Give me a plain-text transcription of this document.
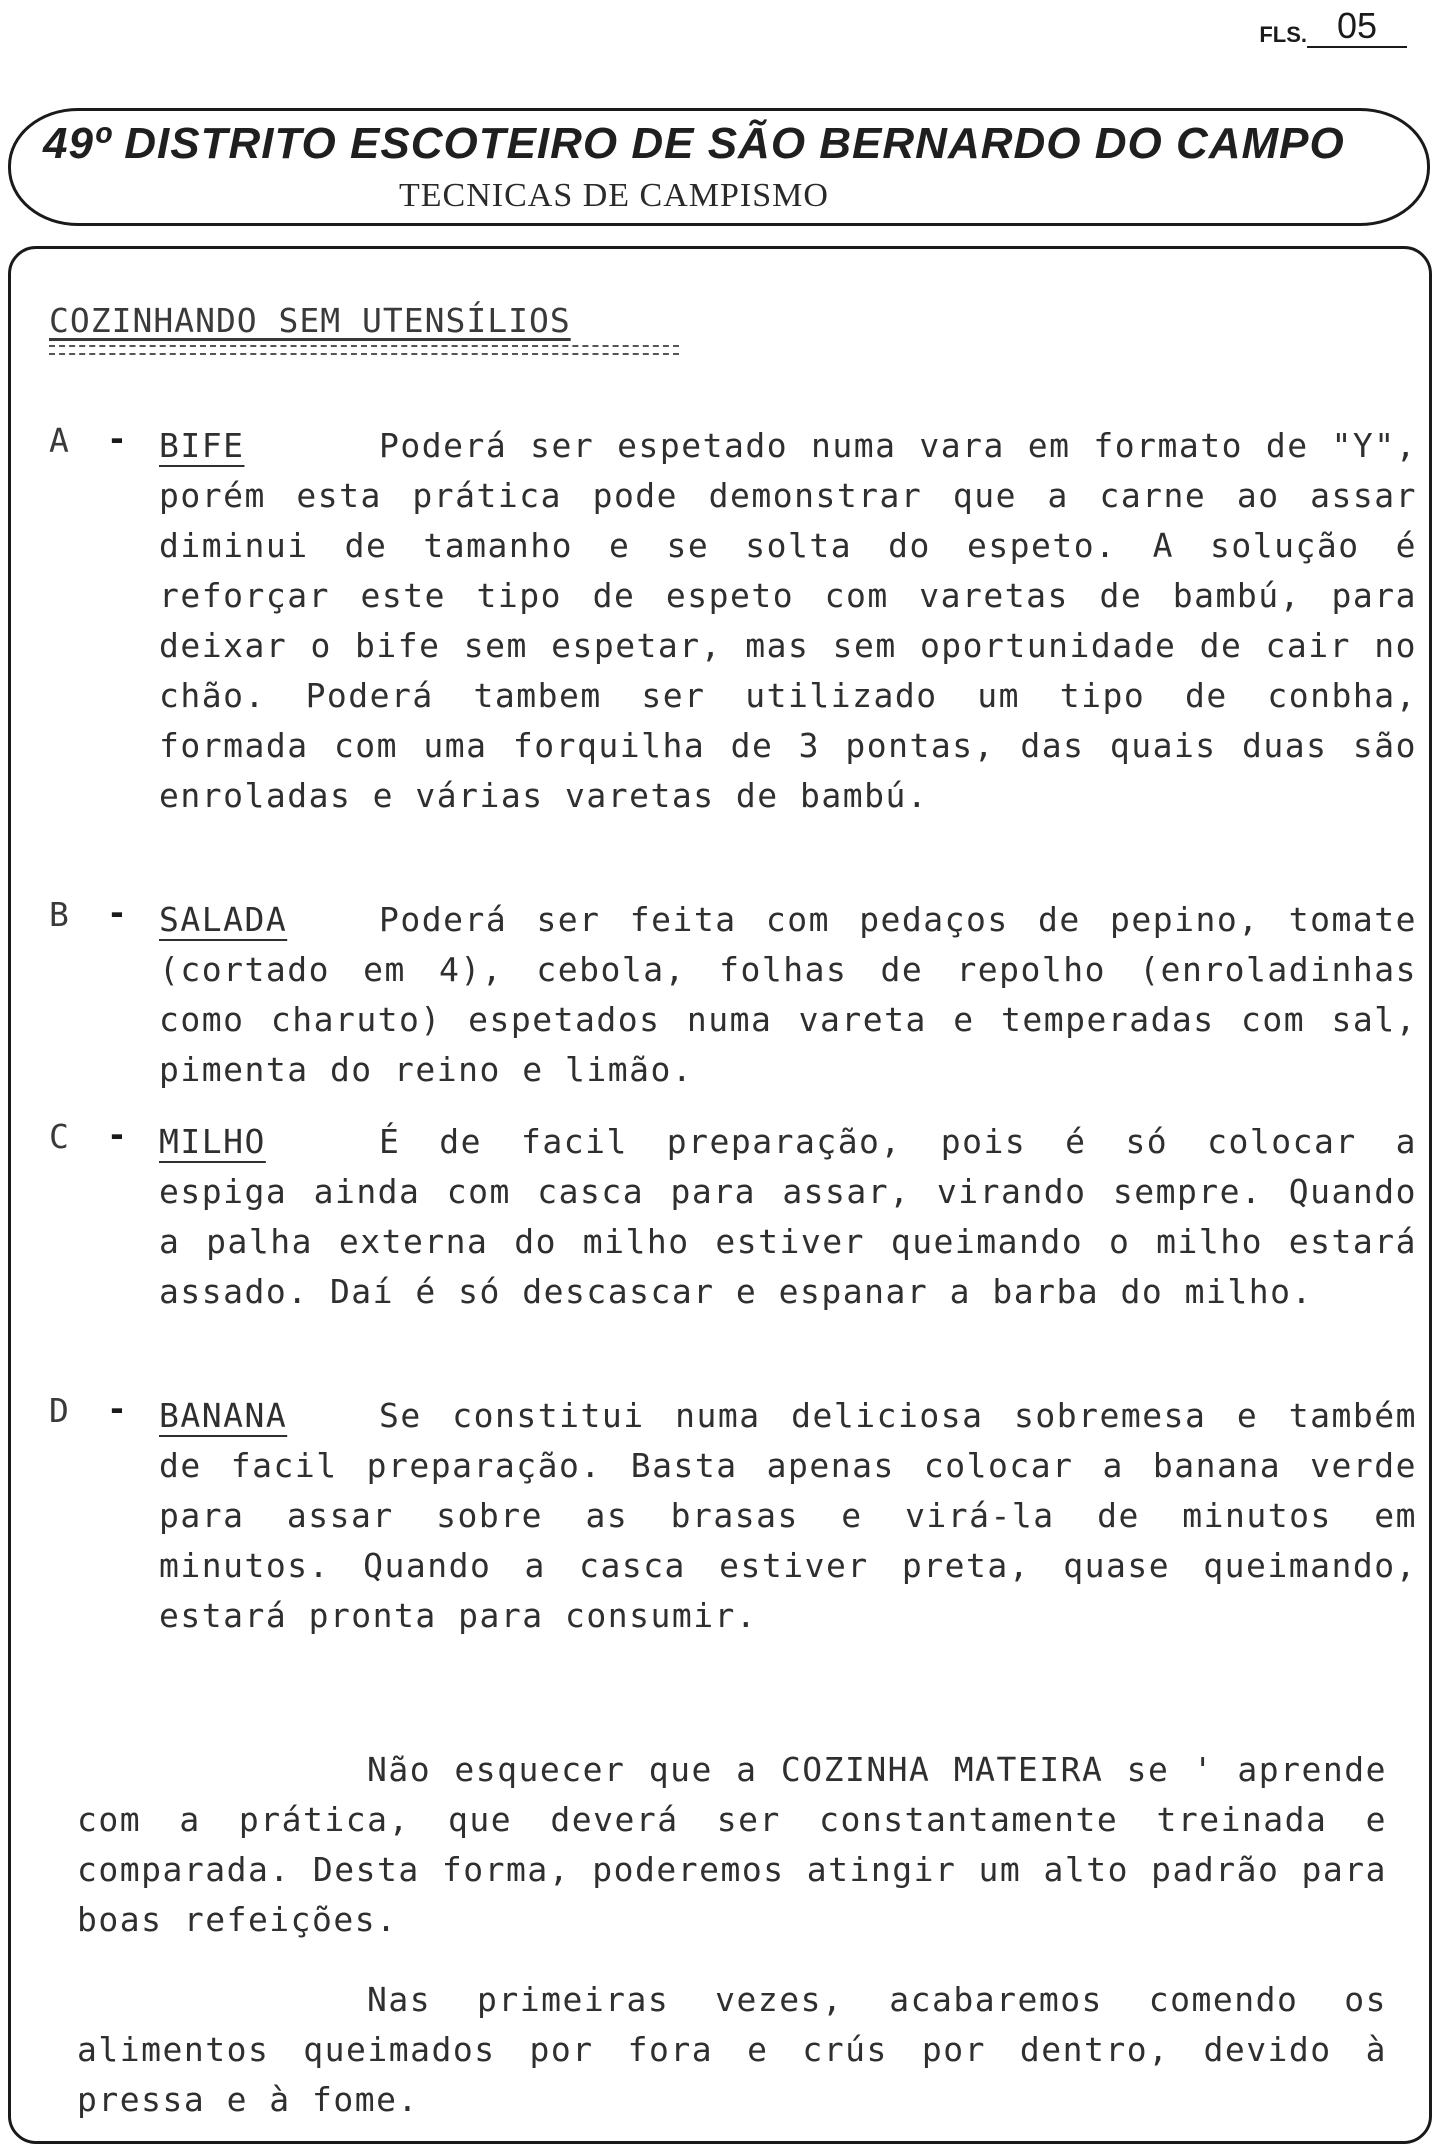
FLS. 05
49º DISTRITO ESCOTEIRO DE SÃO BERNARDO DO CAMPO
TECNICAS DE CAMPISMO
COZINHANDO SEM UTENSÍLIOS
A - BIFE	Poderá ser espetado numa vara em formato de "Y", porém esta prática pode demonstrar que a carne ao assar diminui de tamanho e se solta do espeto. A solução é reforçar este tipo de espeto com varetas de bambú, para deixar o bife sem espetar, mas sem oportunidade de cair no chão. Poderá tambem ser utilizado um tipo de conbha, formada com uma forquilha de 3 pontas, das quais duas são enroladas e várias varetas de bambú.
B - SALADA	Poderá ser feita com pedaços de pepino, tomate (cortado em 4), cebola, folhas de repolho (enroladinhas como charuto) espetados numa vareta e temperadas com sal, pimenta do reino e limão.
C - MILHO	É de facil preparação, pois é só colocar a espiga ainda com casca para assar, virando sempre. Quando a palha externa do milho estiver queimando o milho estará assado. Daí é só descascar e espanar a barba do milho.
D - BANANA	Se constitui numa deliciosa sobremesa e também de facil preparação. Basta apenas colocar a banana verde para assar sobre as brasas e virá-la de minutos em minutos. Quando a casca estiver preta, quase queimando, estará pronta para consumir.
Não esquecer que a COZINHA MATEIRA se ' aprende com a prática, que deverá ser constantamente treinada e comparada. Desta forma, poderemos atingir um alto padrão para boas refeições.
Nas primeiras vezes, acabaremos comendo os alimentos queimados por fora e crús por dentro, devido à pressa e à fome.
